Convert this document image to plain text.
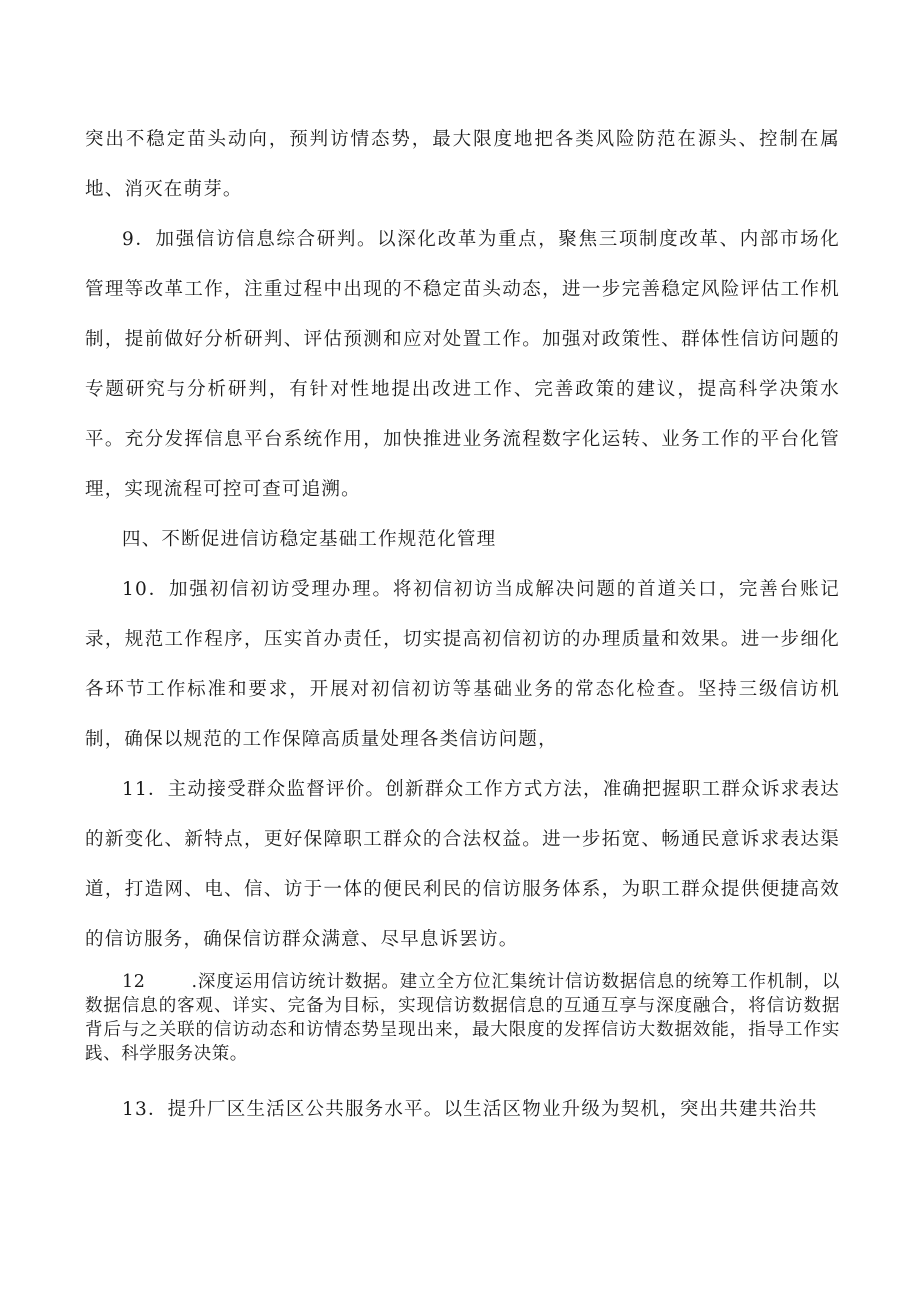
突出不稳定苗头动向，预判访情态势，最大限度地把各类风险防范在源头、控制在属地、消灭在萌芽。

9．加强信访信息综合研判。以深化改革为重点，聚焦三项制度改革、内部市场化管理等改革工作，注重过程中出现的不稳定苗头动态，进一步完善稳定风险评估工作机制，提前做好分析研判、评估预测和应对处置工作。加强对政策性、群体性信访问题的专题研究与分析研判，有针对性地提出改进工作、完善政策的建议，提高科学决策水平。充分发挥信息平台系统作用，加快推进业务流程数字化运转、业务工作的平台化管理，实现流程可控可查可追溯。

四、不断促进信访稳定基础工作规范化管理

10．加强初信初访受理办理。将初信初访当成解决问题的首道关口，完善台账记录，规范工作程序，压实首办责任，切实提高初信初访的办理质量和效果。进一步细化各环节工作标准和要求，开展对初信初访等基础业务的常态化检查。坚持三级信访机制，确保以规范的工作保障高质量处理各类信访问题，

11．主动接受群众监督评价。创新群众工作方式方法，准确把握职工群众诉求表达的新变化、新特点，更好保障职工群众的合法权益。进一步拓宽、畅通民意诉求表达渠道，打造网、电、信、访于一体的便民利民的信访服务体系，为职工群众提供便捷高效的信访服务，确保信访群众满意、尽早息诉罢访。

12	.深度运用信访统计数据。建立全方位汇集统计信访数据信息的统筹工作机制，以数据信息的客观、详实、完备为目标，实现信访数据信息的互通互享与深度融合，将信访数据背后与之关联的信访动态和访情态势呈现出来，最大限度的发挥信访大数据效能，指导工作实践、科学服务决策。

13．提升厂区生活区公共服务水平。以生活区物业升级为契机，突出共建共治共
